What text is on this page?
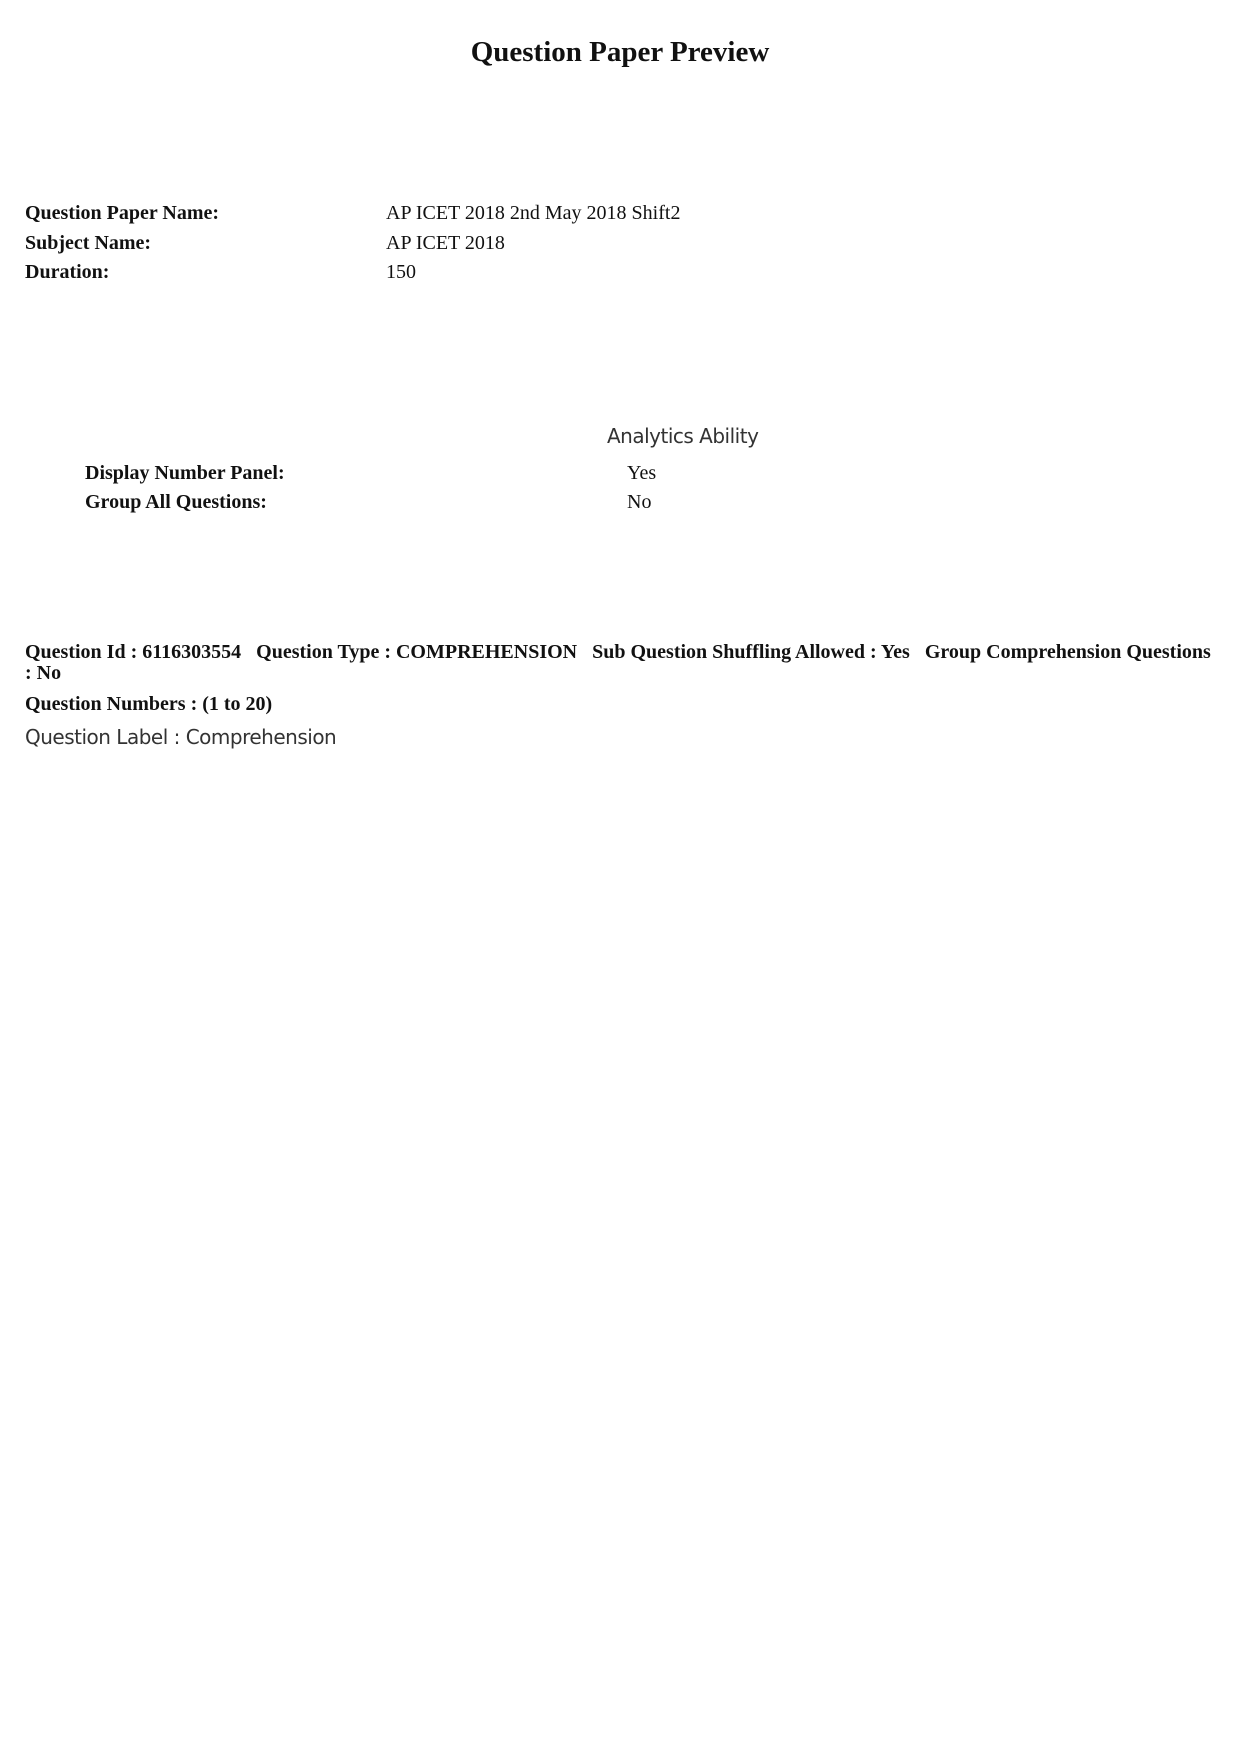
Question Paper Preview
Question Paper Name:	AP ICET 2018 2nd May 2018 Shift2
Subject Name:	AP ICET 2018
Duration:	150
Analytics Ability
Display Number Panel:	Yes
Group All Questions:	No
Question Id : 6116303554 Question Type : COMPREHENSION Sub Question Shuffling Allowed : Yes Group Comprehension Questions : No
Question Numbers : (1 to 20)
Question Label : Comprehension
